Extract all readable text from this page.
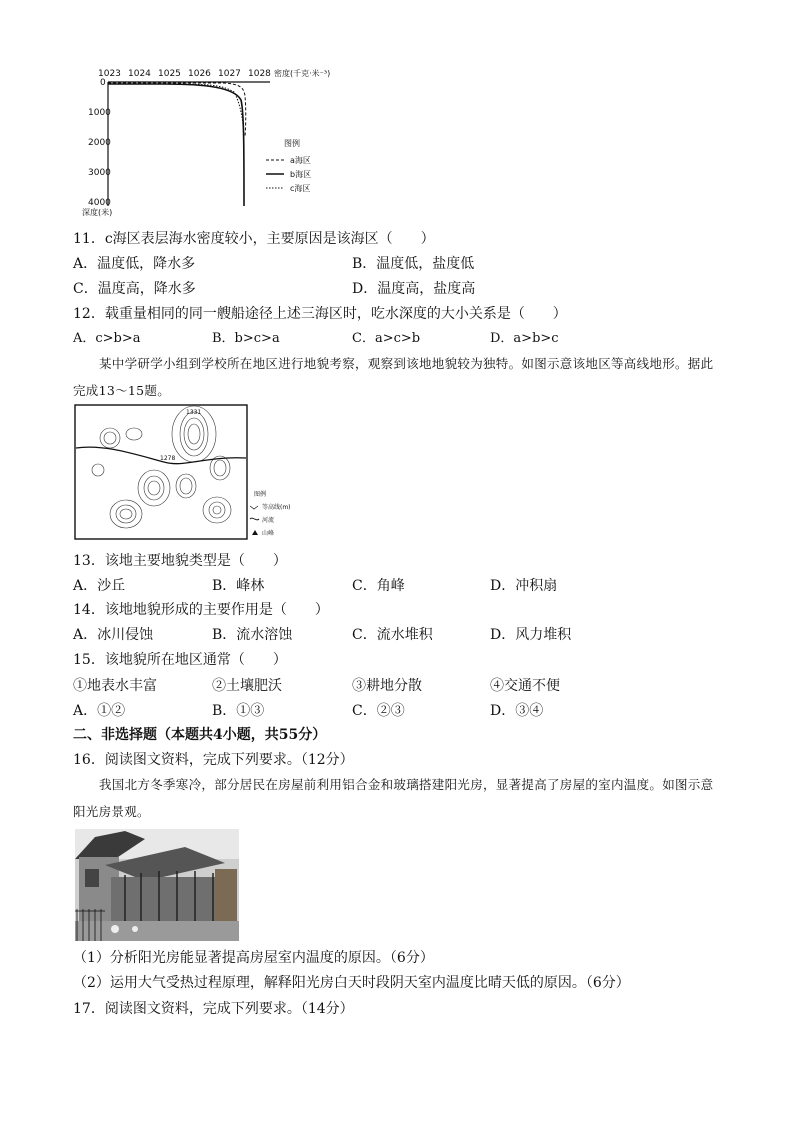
1023 1024 1025 1026 1027 1028 密度(千克·米⁻³)
0
1000
2000
3000
4000
深度(米)
图例
a海区
b海区
c海区
11．c海区表层海水密度较小，主要原因是该海区（　　）
A．温度低，降水多	B．温度低，盐度低
C．温度高，降水多	D．温度高，盐度高
12．载重量相同的同一艘船途径上述三海区时，吃水深度的大小关系是（　　）
A．c>b>a	B．b>c>a	C．a>c>b	D．a>b>c
某中学研学小组到学校所在地区进行地貌考察，观察到该地地貌较为独特。如图示意该地区等高线地形。据此完成13～15题。
1331
1278
图例
等高线(m)
河流
山峰
13．该地主要地貌类型是（　　）
A．沙丘	B．峰林	C．角峰	D．冲积扇
14．该地地貌形成的主要作用是（　　）
A．冰川侵蚀	B．流水溶蚀	C．流水堆积	D．风力堆积
15．该地貌所在地区通常（　　）
①地表水丰富	②土壤肥沃	③耕地分散	④交通不便
A．①②	B．①③	C．②③	D．③④
二、非选择题（本题共4小题，共55分）
16．阅读图文资料，完成下列要求。（12分）
我国北方冬季寒冷，部分居民在房屋前利用铝合金和玻璃搭建阳光房，显著提高了房屋的室内温度。如图示意阳光房景观。
（1）分析阳光房能显著提高房屋室内温度的原因。（6分）
（2）运用大气受热过程原理，解释阳光房白天时段阴天室内温度比晴天低的原因。（6分）
17．阅读图文资料，完成下列要求。（14分）
